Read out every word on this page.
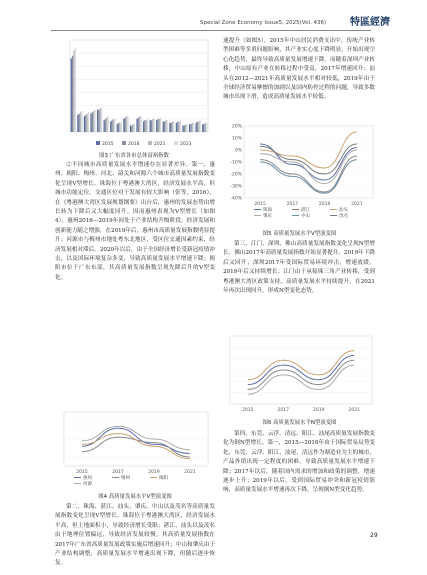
Special Zone Economy Issue5, 2025(Vol. 436) 特區經濟
2015	2018	2021	2023
图3 广东省各市总体富裕指数

②不同城市高质量发展水平增速存在显著差异。第一，惠州、揭阳、梅州、河北、韶关和河源六个城市高质量发展指数变化呈现V型增长。珠海位于粤港澳大湾区，经济发展水平高，但城市功能定位、交通区位对于发展有较大影响（张等，2016），在《粤港澳大湾区发展规划纲要》出台后，惠州的发展态势由增长转为下降后又大幅度回升，因而惠州表现为V型增长（如图4）。惠州2016—2019年间处于产业结构升级阶段，经济发展和创新能力随之增强，在2019年后，惠州市高质量发展指数明显提升；河源市与梅州市地处粤东北地区，受区位交通因素约束，经济发展相对滞后。2020年以后，由于全国经济增长受新冠疫情冲击，以及国际环境复杂多变，导致高质量发展水平增速下降；揭阳市位于广东东部，其高质量发展指数呈现先降后升的V型变化。

2015	2017	2019	2021
惠州	梅州	揭阳
河源
图4 高质量发展水平V型演变图

第二，珠海、湛江、汕头、肇庆、中山以及茂名等高质量发展指数变化呈现V型增长。珠海位于粤港澳大湾区，经济发展水平高，但土地面积小，导致经济增长受限；湛江、汕头以及茂名由于地理位置偏远，导致经济发展较慢，其高质量发展指数在2017年广东省高质量发展政策实施后增速回升；中山和肇庆由于产业结构调整，高质量发展水平增速出现下降，但随后逐步恢复。

速提升（如图5）。2015年中山居民消费支出中，传统产业转型困难等多重问题影响，其产业实心度下降明显，开始出现空心化趋势，最终导致高质量发展增速下降。而随着深圳产业转移，中山原有产业在转移过程中受益，2017年增速回升；汕头在2012—2021年高质量发展水平相对较低，2019年由于全球经济贸易摩擦的加剧以及国内防控过程的问题，导致多数城市出现下滑，造成高质量发展水平较低。

20%
10%
0%
-10%
-20%
-30%
-40%
2015	2017	2019	2021
珠海	湛江	汕头
肇庆	中山	茂名
图5 高质量发展水平V型演变图

第三，江门、深圳、佛山高质量发展指数变化呈现N型增长。佛山2017年高质量发展指数开始显著提升，2019年下降后又回升；深圳2017年受国际贸易环境冲击，增速放缓，2019年后又持续增长；江门由于承接珠三角产业转移，受到粤港澳大湾区政策支持，高质量发展水平持续提升，在2021年再次出现回升，形成N型变化态势。

2015	2017	2019	2021
图6 高质量发展水平N型演变图

第四，东莞、云浮、清远、阳江、汕尾高质量发展指数变化为倒N型增长。第一，2015—2016年由于国际贸易局势变化，东莞、云浮、阳江、汕尾、清远作为制造业为主的城市，产品外销出现一定程度的困难，导致高质量发展水平增速下降；2017年以后，随着国内需求的增加和政策的调整，增速逐步上升；2019年以后，受到国际贸易冲突和新冠疫情影响，高质量发展水平增速再次下降，呈现倒N型变化趋势。

29
